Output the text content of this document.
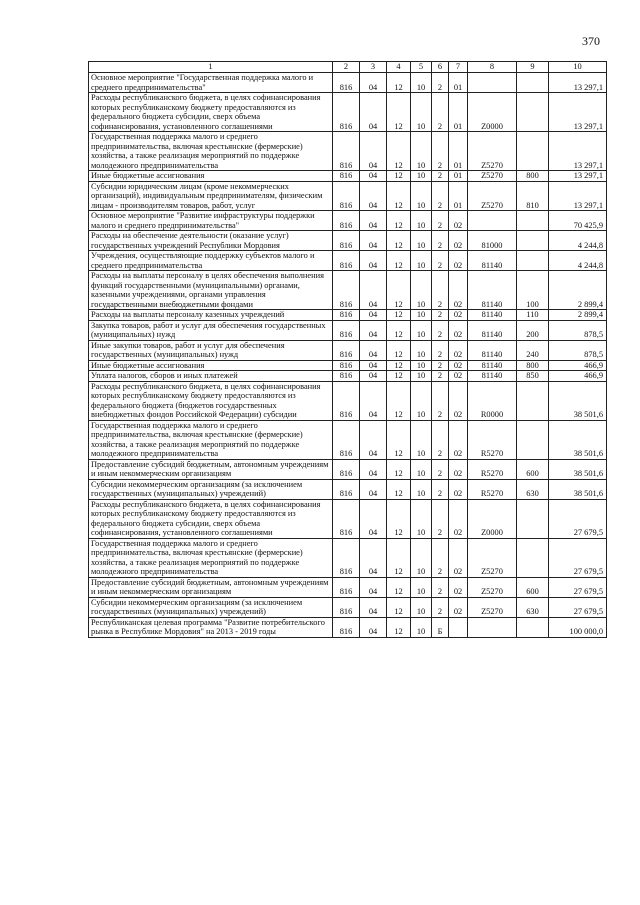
370
1	2	3	4	5	6	7	8	9	10
Основное мероприятие "Государственная поддержка малого и среднего предпринимательства"	816	04	12	10	2	01			13 297,1
Расходы республиканского бюджета, в целях софинансирования которых республиканскому бюджету предоставляются из федерального бюджета субсидии, сверх объема софинансирования, установленного соглашениями	816	04	12	10	2	01	Z0000		13 297,1
Государственная поддержка малого и среднего предпринимательства, включая крестьянские (фермерские) хозяйства, а также реализация мероприятий по поддержке молодежного предпринимательства	816	04	12	10	2	01	Z5270		13 297,1
Иные бюджетные ассигнования	816	04	12	10	2	01	Z5270	800	13 297,1
Субсидии юридическим лицам (кроме некоммерческих организаций), индивидуальным предпринимателям, физическим лицам - производителям товаров, работ, услуг	816	04	12	10	2	01	Z5270	810	13 297,1
Основное мероприятие "Развитие инфраструктуры поддержки малого и среднего предпринимательства"	816	04	12	10	2	02			70 425,9
Расходы на обеспечение деятельности (оказание услуг) государственных учреждений Республики Мордовия	816	04	12	10	2	02	81000		4 244,8
Учреждения, осуществляющие поддержку субъектов малого и среднего предпринимательства	816	04	12	10	2	02	81140		4 244,8
Расходы на выплаты персоналу в целях обеспечения выполнения функций государственными (муниципальными) органами, казенными учреждениями, органами управления государственными внебюджетными фондами	816	04	12	10	2	02	81140	100	2 899,4
Расходы на выплаты персоналу казенных учреждений	816	04	12	10	2	02	81140	110	2 899,4
Закупка товаров, работ и услуг для обеспечения государственных (муниципальных) нужд	816	04	12	10	2	02	81140	200	878,5
Иные закупки товаров, работ и услуг для обеспечения государственных (муниципальных) нужд	816	04	12	10	2	02	81140	240	878,5
Иные бюджетные ассигнования	816	04	12	10	2	02	81140	800	466,9
Уплата налогов, сборов и иных платежей	816	04	12	10	2	02	81140	850	466,9
Расходы республиканского бюджета, в целях софинансирования которых республиканскому бюджету предоставляются из федерального бюджета (бюджетов государственных внебюджетных фондов Российской Федерации) субсидии	816	04	12	10	2	02	R0000		38 501,6
Государственная поддержка малого и среднего предпринимательства, включая крестьянские (фермерские) хозяйства, а также реализация мероприятий по поддержке молодежного предпринимательства	816	04	12	10	2	02	R5270		38 501,6
Предоставление субсидий бюджетным, автономным учреждениям и иным некоммерческим организациям	816	04	12	10	2	02	R5270	600	38 501,6
Субсидии некоммерческим организациям (за исключением государственных (муниципальных) учреждений)	816	04	12	10	2	02	R5270	630	38 501,6
Расходы республиканского бюджета, в целях софинансирования которых республиканскому бюджету предоставляются из федерального бюджета субсидии, сверх объема софинансирования, установленного соглашениями	816	04	12	10	2	02	Z0000		27 679,5
Государственная поддержка малого и среднего предпринимательства, включая крестьянские (фермерские) хозяйства, а также реализация мероприятий по поддержке молодежного предпринимательства	816	04	12	10	2	02	Z5270		27 679,5
Предоставление субсидий бюджетным, автономным учреждениям и иным некоммерческим организациям	816	04	12	10	2	02	Z5270	600	27 679,5
Субсидии некоммерческим организациям (за исключением государственных (муниципальных) учреждений)	816	04	12	10	2	02	Z5270	630	27 679,5
Республиканская целевая программа "Развитие потребительского рынка в Республике Мордовия" на 2013 - 2019 годы	816	04	12	10	Б				100 000,0
